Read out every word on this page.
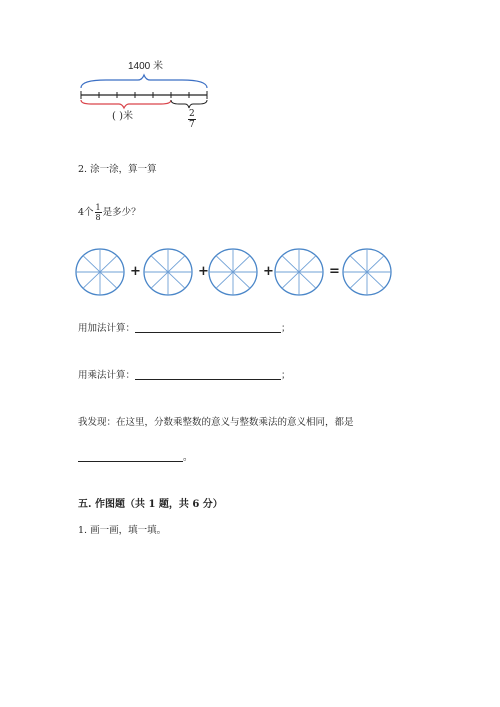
1400 米
( )米	$\frac{2}{7}$
2. 涂一涂，算一算
4个 $\frac{1}{8}$ 是多少？
+	+	+	=
用加法计算：	；
用乘法计算：	；
我发现：在这里，分数乘整数的意义与整数乘法的意义相同，都是
。
五. 作图题（共 1 题，共 6 分）
1. 画一画，填一填。
